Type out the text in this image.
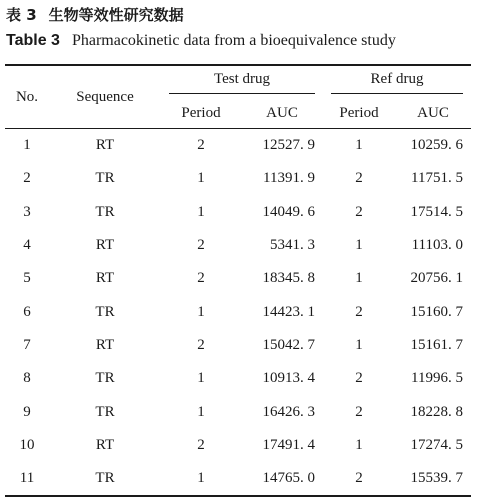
表 3 生物等效性研究数据
Table 3 Pharmacokinetic data from a bioequivalence study
No.	Sequence	Test drug		Ref drug	

		Period	AUC	Period	AUC
1	RT	2	12527. 9	1	10259. 6
2	TR	1	11391. 9	2	11751. 5
3	TR	1	14049. 6	2	17514. 5
4	RT	2	5341. 3	1	11103. 0
5	RT	2	18345. 8	1	20756. 1
6	TR	1	14423. 1	2	15160. 7
7	RT	2	15042. 7	1	15161. 7
8	TR	1	10913. 4	2	11996. 5
9	TR	1	16426. 3	2	18228. 8
10	RT	2	17491. 4	1	17274. 5
11	TR	1	14765. 0	2	15539. 7
